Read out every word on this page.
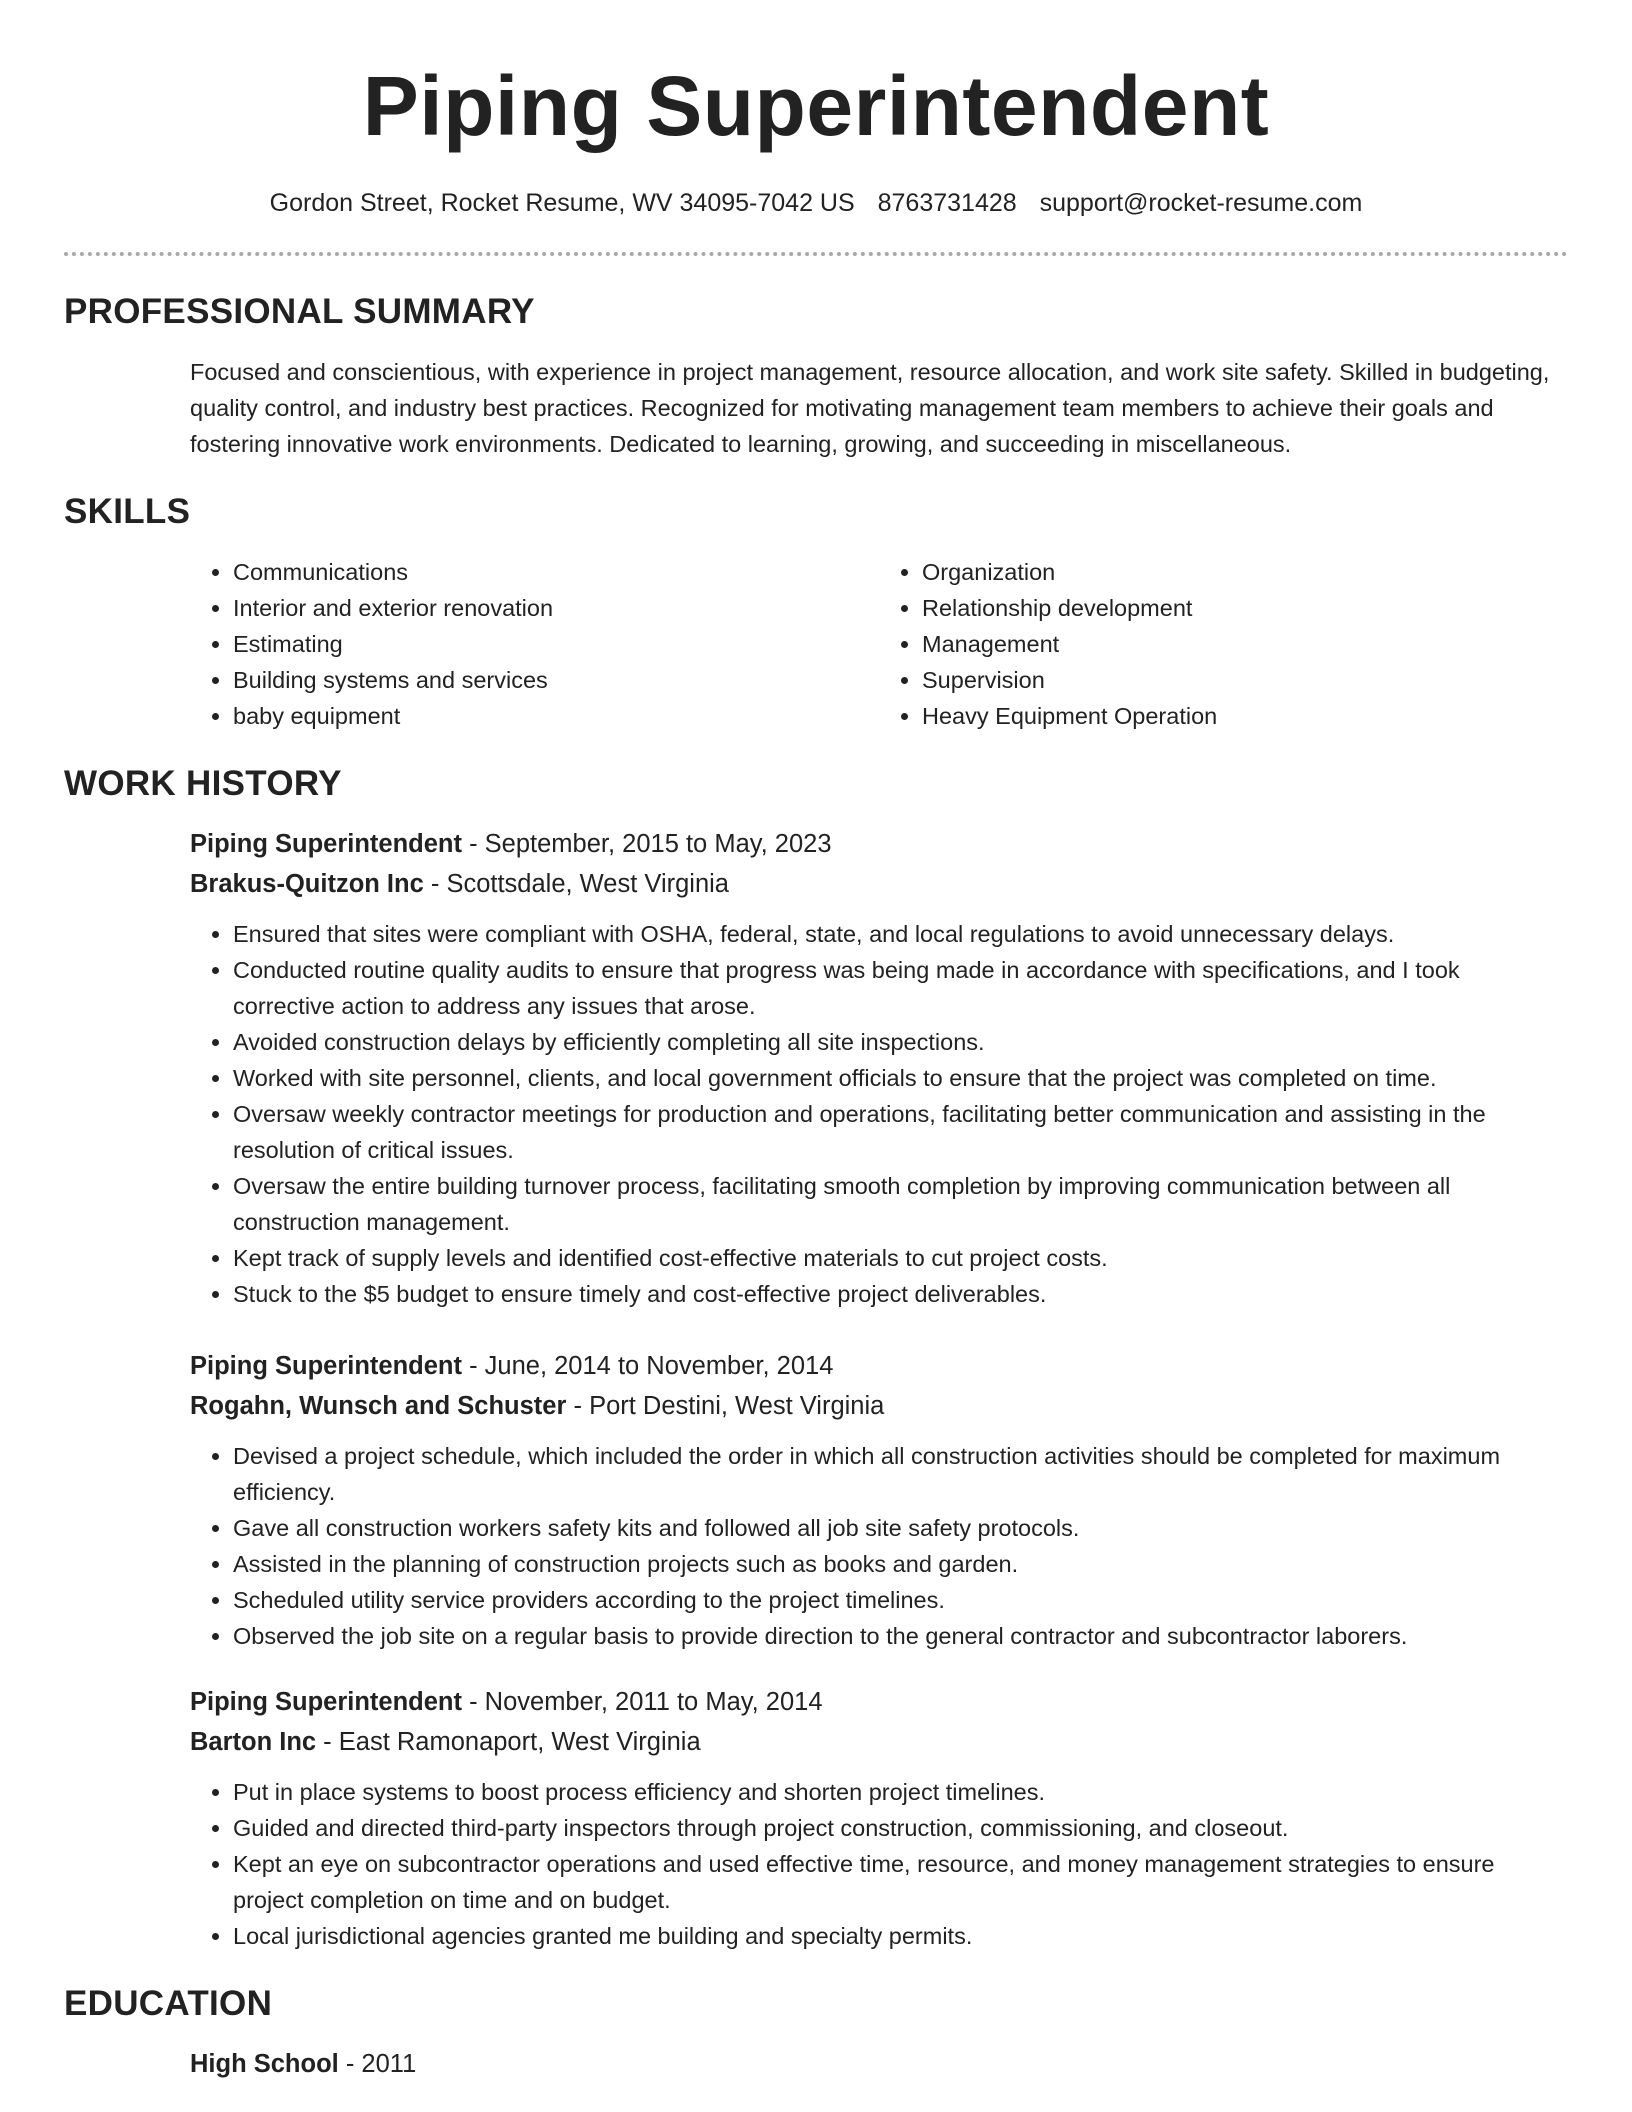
Piping Superintendent
Gordon Street, Rocket Resume, WV 34095-7042 US 8763731428 support@rocket-resume.com
PROFESSIONAL SUMMARY

Focused and conscientious, with experience in project management, resource allocation, and work site safety. Skilled in budgeting, quality control, and industry best practices. Recognized for motivating management team members to achieve their goals and fostering innovative work environments. Dedicated to learning, growing, and succeeding in miscellaneous.

SKILLS
• Communications
• Interior and exterior renovation
• Estimating
• Building systems and services
• baby equipment
• Organization
• Relationship development
• Management
• Supervision
• Heavy Equipment Operation
WORK HISTORY
Piping Superintendent - September, 2015 to May, 2023
Brakus-Quitzon Inc - Scottsdale, West Virginia
• Ensured that sites were compliant with OSHA, federal, state, and local regulations to avoid unnecessary delays.
• Conducted routine quality audits to ensure that progress was being made in accordance with specifications, and I took corrective action to address any issues that arose.
• Avoided construction delays by efficiently completing all site inspections.
• Worked with site personnel, clients, and local government officials to ensure that the project was completed on time.
• Oversaw weekly contractor meetings for production and operations, facilitating better communication and assisting in the resolution of critical issues.
• Oversaw the entire building turnover process, facilitating smooth completion by improving communication between all construction management.
• Kept track of supply levels and identified cost-effective materials to cut project costs.
• Stuck to the $5 budget to ensure timely and cost-effective project deliverables.
Piping Superintendent - June, 2014 to November, 2014
Rogahn, Wunsch and Schuster - Port Destini, West Virginia
• Devised a project schedule, which included the order in which all construction activities should be completed for maximum efficiency.
• Gave all construction workers safety kits and followed all job site safety protocols.
• Assisted in the planning of construction projects such as books and garden.
• Scheduled utility service providers according to the project timelines.
• Observed the job site on a regular basis to provide direction to the general contractor and subcontractor laborers.
Piping Superintendent - November, 2011 to May, 2014
Barton Inc - East Ramonaport, West Virginia
• Put in place systems to boost process efficiency and shorten project timelines.
• Guided and directed third-party inspectors through project construction, commissioning, and closeout.
• Kept an eye on subcontractor operations and used effective time, resource, and money management strategies to ensure project completion on time and on budget.
• Local jurisdictional agencies granted me building and specialty permits.
EDUCATION
High School - 2011
